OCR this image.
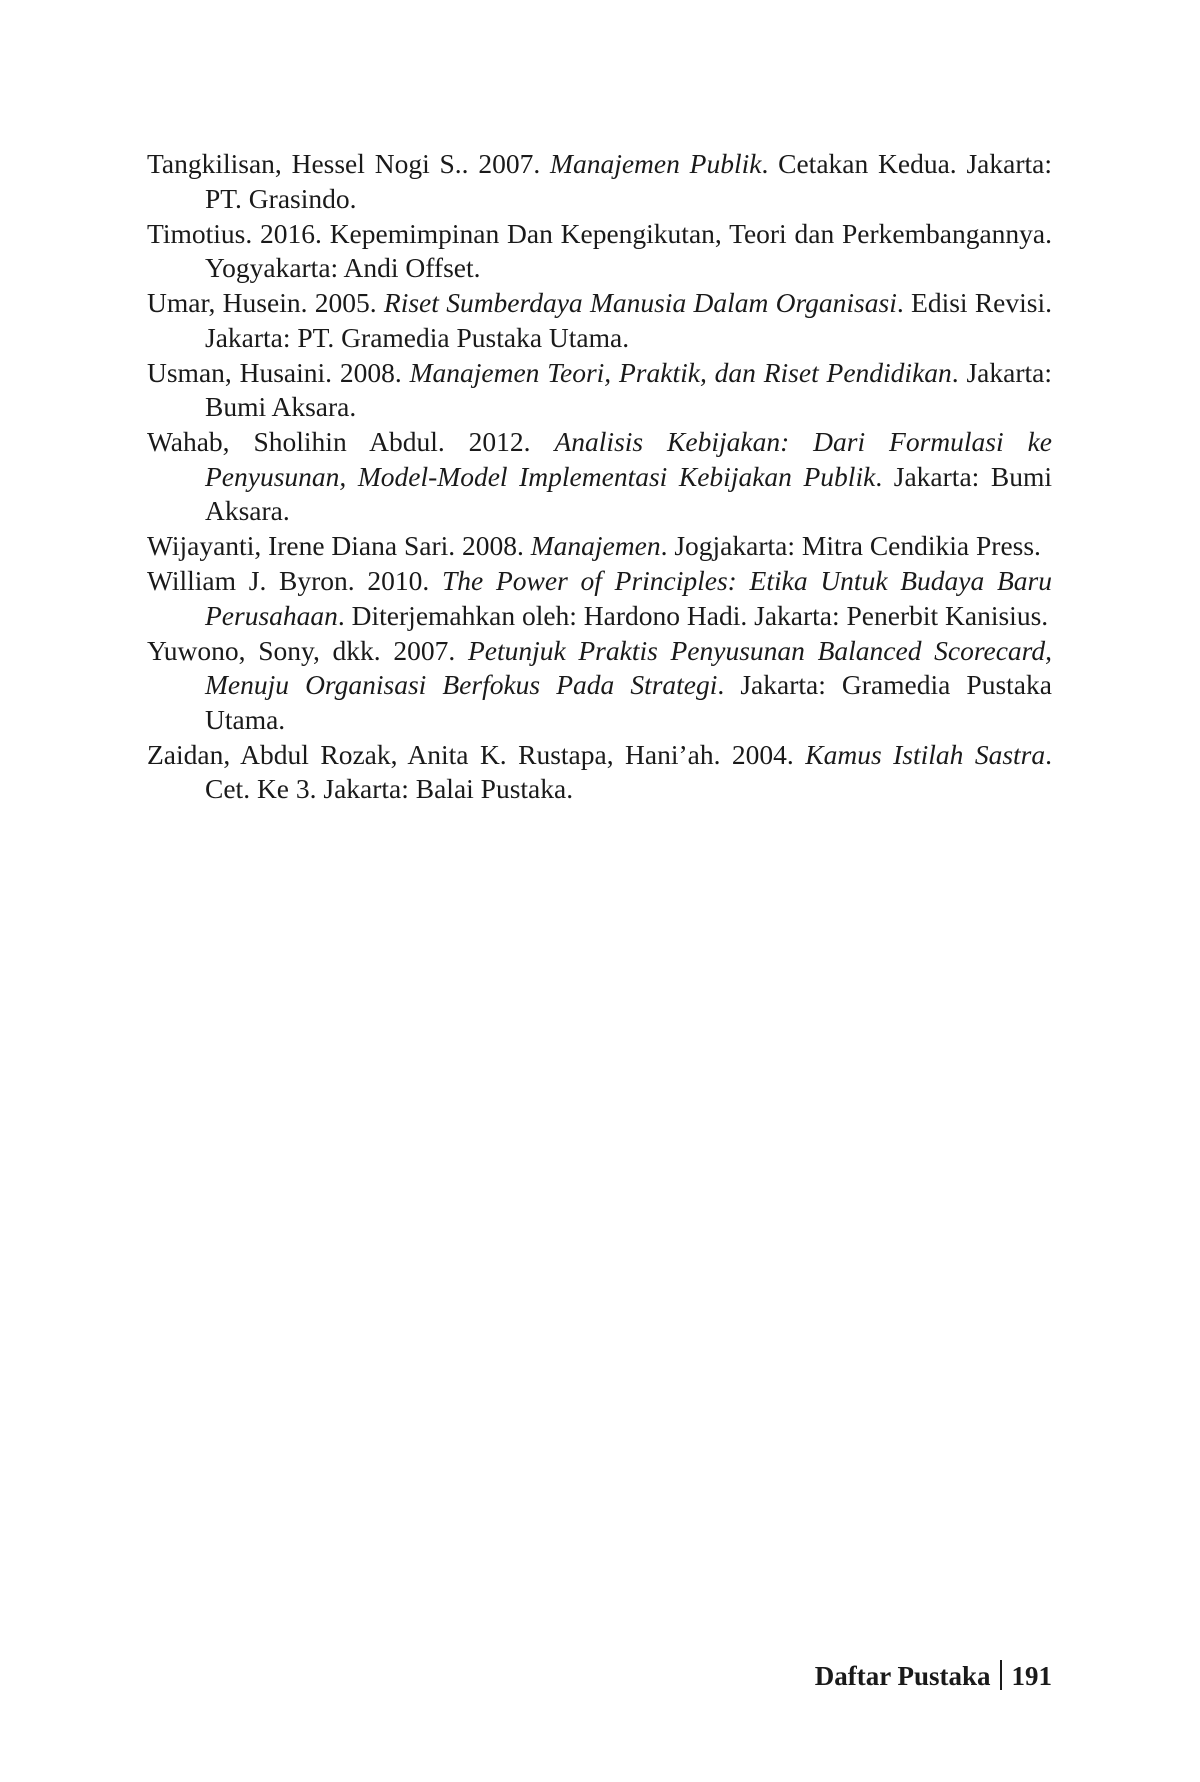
Tangkilisan, Hessel Nogi S.. 2007. Manajemen Publik. Cetakan Kedua. Jakarta: PT. Grasindo.
Timotius. 2016. Kepemimpinan Dan Kepengikutan, Teori dan Perkembangannya. Yogyakarta: Andi Offset.
Umar, Husein. 2005. Riset Sumberdaya Manusia Dalam Organisasi. Edisi Revisi. Jakarta: PT. Gramedia Pustaka Utama.
Usman, Husaini. 2008. Manajemen Teori, Praktik, dan Riset Pendidikan. Jakarta: Bumi Aksara.
Wahab, Sholihin Abdul. 2012. Analisis Kebijakan: Dari Formulasi ke Penyusunan, Model-Model Implementasi Kebijakan Publik. Jakarta: Bumi Aksara.
Wijayanti, Irene Diana Sari. 2008. Manajemen. Jogjakarta: Mitra Cendikia Press.
William J. Byron. 2010. The Power of Principles: Etika Untuk Budaya Baru Perusahaan. Diterjemahkan oleh: Hardono Hadi. Jakarta: Penerbit Kanisius.
Yuwono, Sony, dkk. 2007. Petunjuk Praktis Penyusunan Balanced Scorecard, Menuju Organisasi Berfokus Pada Strategi. Jakarta: Gramedia Pustaka Utama.
Zaidan, Abdul Rozak, Anita K. Rustapa, Hani’ah. 2004. Kamus Istilah Sastra. Cet. Ke 3. Jakarta: Balai Pustaka.
Daftar Pustaka 191
